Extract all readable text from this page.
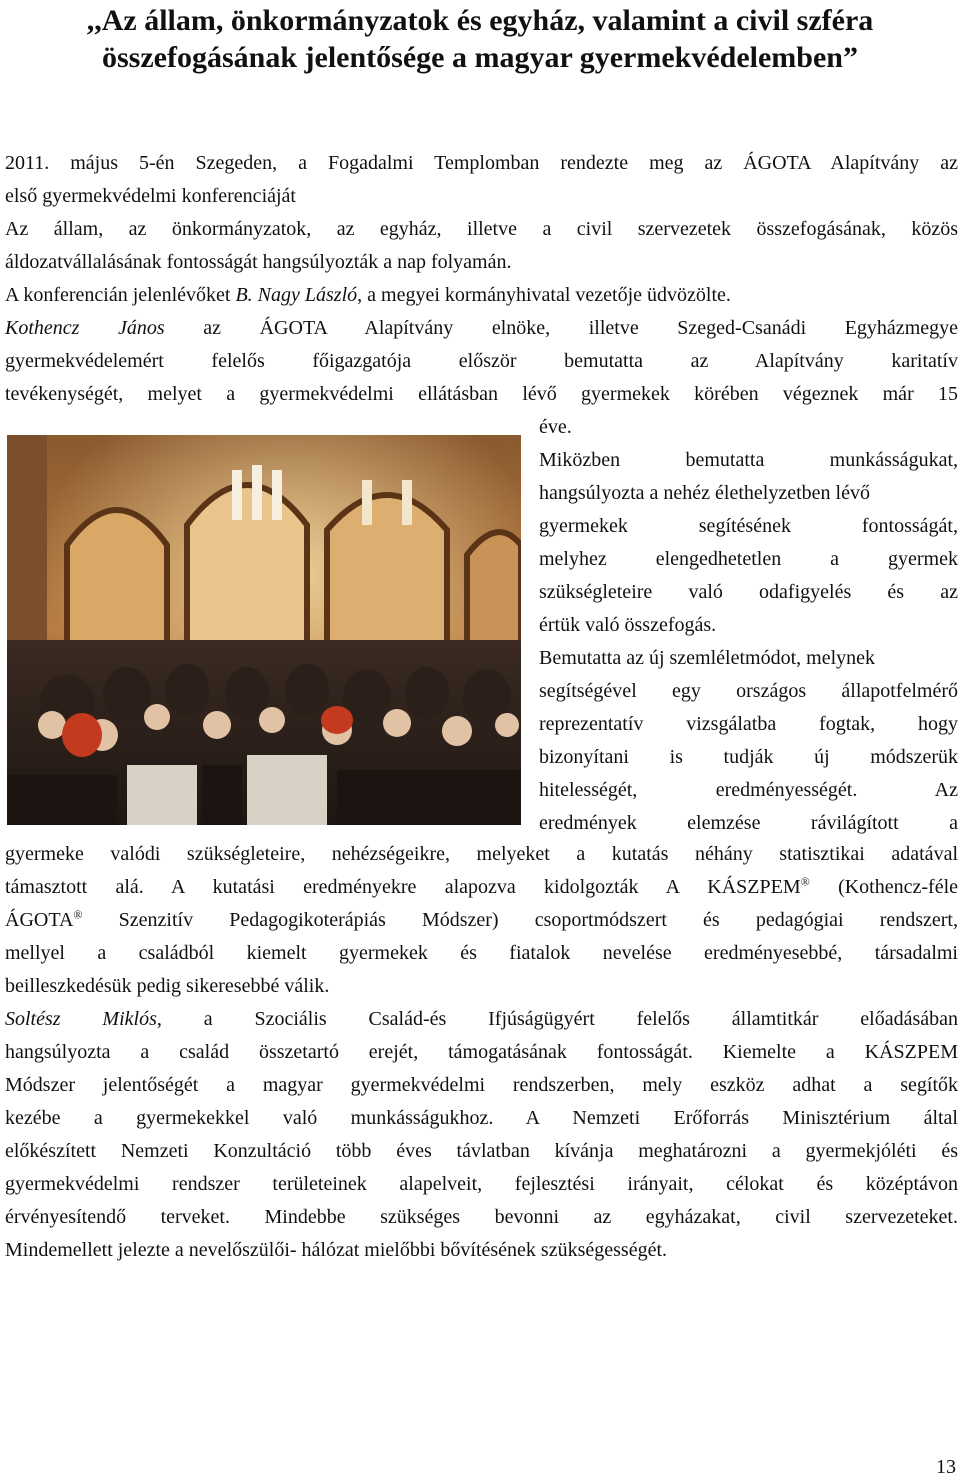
,,Az állam, önkormányzatok és egyház, valamint a civil szféra
összefogásának jelentősége a magyar gyermekvédelemben”
2011. május 5-én Szegeden, a Fogadalmi Templomban rendezte meg az ÁGOTA Alapítvány az
első gyermekvédelmi konferenciáját
Az állam, az önkormányzatok, az egyház, illetve a civil szervezetek összefogásának, közös
áldozatvállalásának fontosságát hangsúlyozták a nap folyamán.
A konferencián jelenlévőket B. Nagy László, a megyei kormányhivatal vezetője üdvözölte.
Kothencz János az ÁGOTA Alapítvány elnöke, illetve Szeged-Csanádi Egyházmegye
gyermekvédelemért felelős főigazgatója először bemutatta az Alapítvány karitatív
tevékenységét, melyet a gyermekvédelmi ellátásban lévő gyermekek körében végeznek már 15
éve.
Miközben bemutatta munkásságukat,
hangsúlyozta a nehéz élethelyzetben lévő
gyermekek segítésének fontosságát,
melyhez elengedhetetlen a gyermek
szükségleteire való odafigyelés és az
értük való összefogás.
Bemutatta az új szemléletmódot, melynek
segítségével egy országos állapotfelmérő
reprezentatív vizsgálatba fogtak, hogy
bizonyítani is tudják új módszerük
hitelességét, eredményességét. Az
eredmények elemzése rávilágított a
gyermeke valódi szükségleteire, nehézségeikre, melyeket a kutatás néhány statisztikai adatával
támasztott alá. A kutatási eredményekre alapozva kidolgozták A KÁSZPEM® (Kothencz-féle
ÁGOTA® Szenzitív Pedagogikoterápiás Módszer) csoportmódszert és pedagógiai rendszert,
mellyel a családból kiemelt gyermekek és fiatalok nevelése eredményesebbé, társadalmi
beilleszkedésük pedig sikeresebbé válik.
Soltész Miklós, a Szociális Család-és Ifjúságügyért felelős államtitkár előadásában
hangsúlyozta a család összetartó erejét, támogatásának fontosságát. Kiemelte a KÁSZPEM
Módszer jelentőségét a magyar gyermekvédelmi rendszerben, mely eszköz adhat a segítők
kezébe a gyermekekkel való munkásságukhoz. A Nemzeti Erőforrás Minisztérium által
előkészített Nemzeti Konzultáció több éves távlatban kívánja meghatározni a gyermekjóléti és
gyermekvédelmi rendszer területeinek alapelveit, fejlesztési irányait, célokat és középtávon
érvényesítendő terveket. Mindebbe szükséges bevonni az egyházakat, civil szervezeteket.
Mindemellett jelezte a nevelőszülői- hálózat mielőbbi bővítésének szükségességét.
13
